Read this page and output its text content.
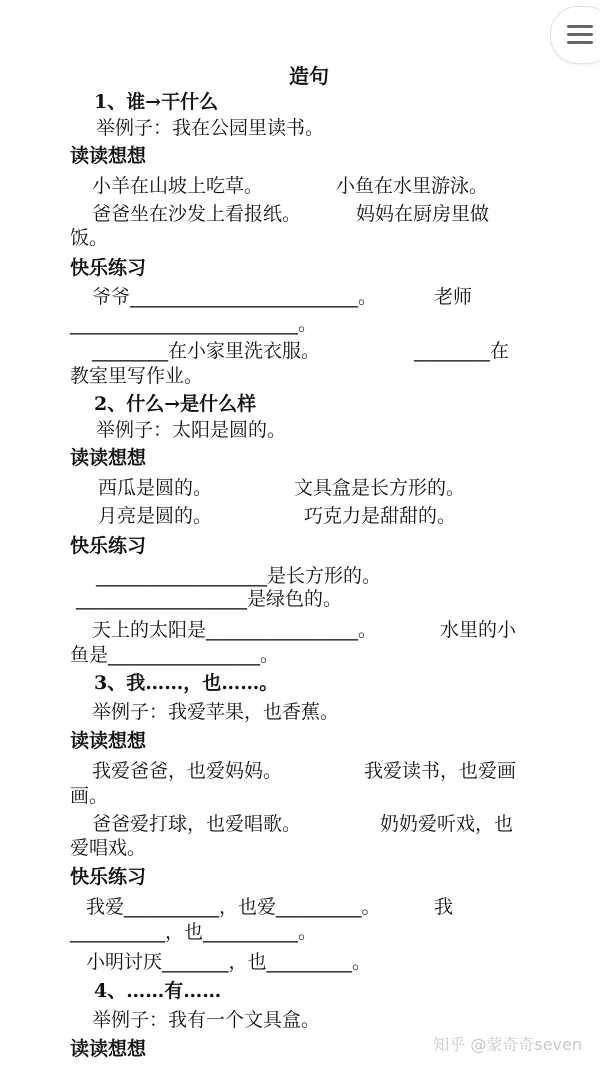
造句
1、谁→干什么
举例子：我在公园里读书。
读读想想
小羊在山坡上吃草。	小鱼在水里游泳。
爸爸坐在沙发上看报纸。	妈妈在厨房里做
饭。
快乐练习
爷爷________________________。	老师
________________________。
________在小家里洗衣服。	________在
教室里写作业。
2、什么→是什么样
举例子：太阳是圆的。
读读想想
西瓜是圆的。	文具盒是长方形的。
月亮是圆的。	巧克力是甜甜的。
快乐练习
__________________是长方形的。
__________________是绿色的。
天上的太阳是________________。	水里的小
鱼是________________。
3、我……，也……。
举例子：我爱苹果，也香蕉。
读读想想
我爱爸爸，也爱妈妈。	我爱读书，也爱画
画。
爸爸爱打球，也爱唱歌。	奶奶爱听戏，也
爱唱戏。
快乐练习
我爱__________，也爱_________。	我
__________，也__________。
小明讨厌_______，也_________。
4、……有……
举例子：我有一个文具盒。
读读想想	知乎 @蒙奇奇seven
